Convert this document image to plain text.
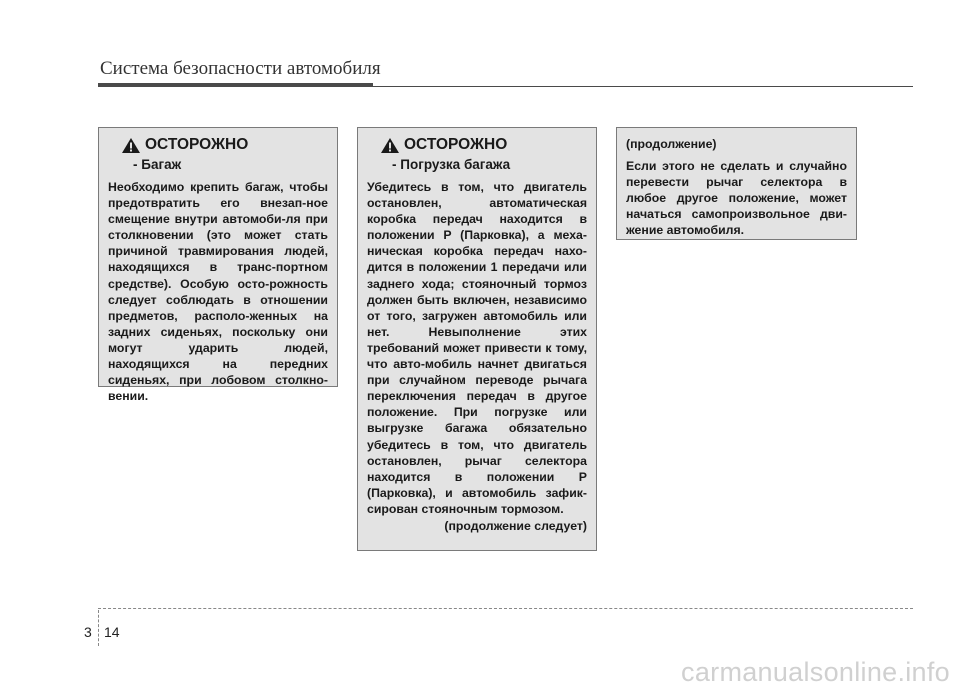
Система безопасности автомобиля
ОСТОРОЖНО
- Багаж
Необходимо крепить багаж, чтобы предотвратить его внезап-ное смещение внутри автомоби-ля при столкновении (это может стать причиной травмирования людей, находящихся в транс-портном средстве). Особую осто-рожность следует соблюдать в отношении предметов, располо-женных на задних сиденьях, поскольку они могут ударить людей, находящихся на передних сиденьях, при лобовом столкно-вении.
ОСТОРОЖНО
- Погрузка багажа
Убедитесь в том, что двигатель остановлен, автоматическая коробка передач находится в положении P (Парковка), а меха-ническая коробка передач нахо-дится в положении 1 передачи или заднего хода; стояночный тормоз должен быть включен, независимо от того, загружен автомобиль или нет. Невыполнение этих требований может привести к тому, что авто-мобиль начнет двигаться при случайном переводе рычага переключения передач в другое положение. При погрузке или выгрузке багажа обязательно убедитесь в том, что двигатель остановлен, рычаг селектора находится в положении P (Парковка), и автомобиль зафик-сирован стояночным тормозом.
(продолжение следует)
(продолжение)
Если этого не сделать и случайно перевести рычаг селектора в любое другое положение, может начаться самопроизвольное дви-жение автомобиля.
3 14
carmanualsonline.info
